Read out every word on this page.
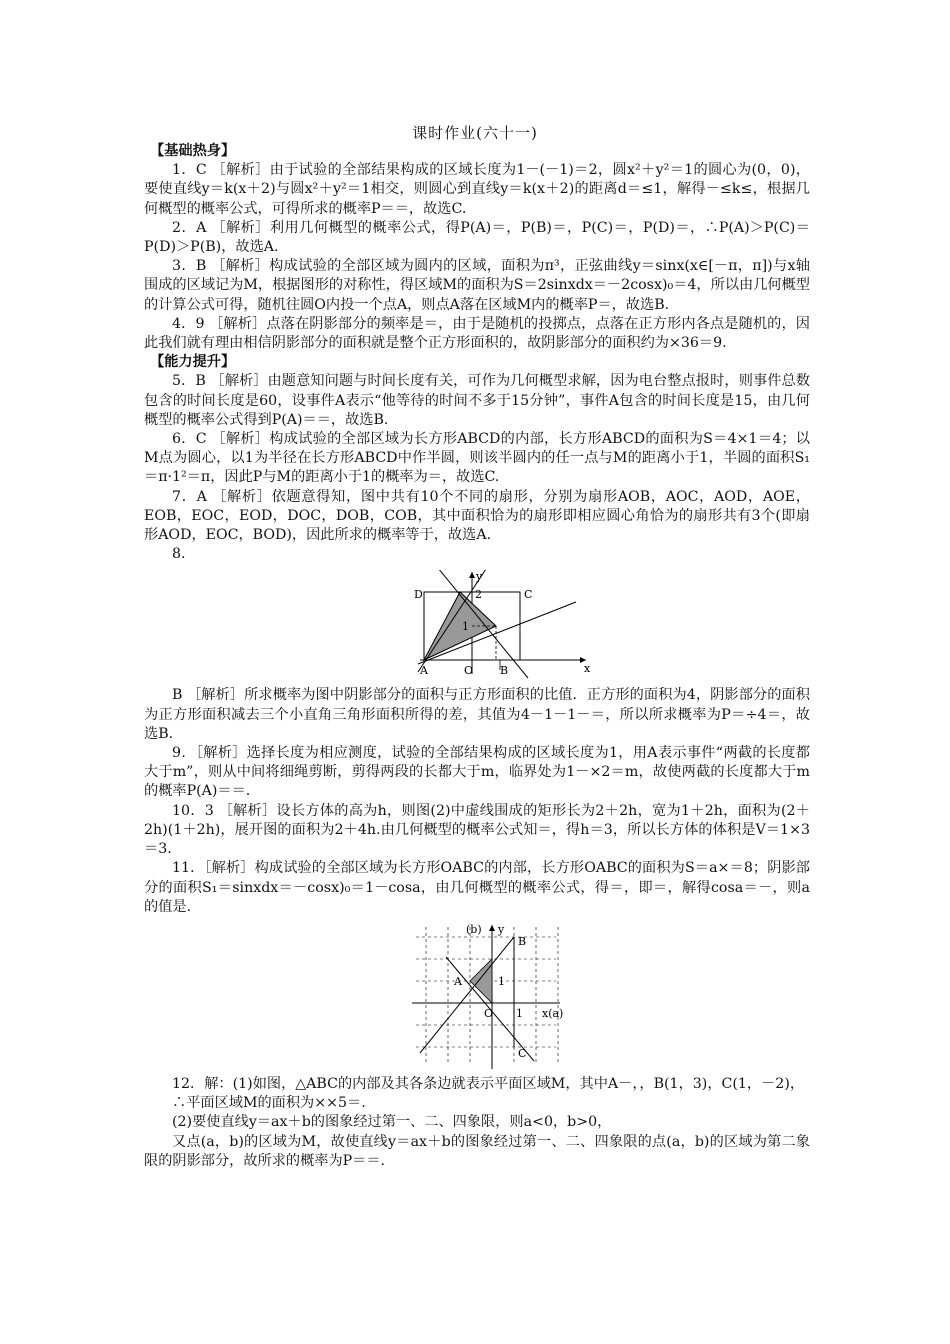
课时作业(六十一)
【基础热身】

1．C ［解析］由于试验的全部结果构成的区域长度为1－(－1)＝2，圆x²＋y²＝1的圆心为(0，0)，要使直线y＝k(x＋2)与圆x²＋y²＝1相交，则圆心到直线y＝k(x＋2)的距离d＝≤1，解得－≤k≤，根据几何概型的概率公式，可得所求的概率P＝＝，故选C.

2．A ［解析］利用几何概型的概率公式，得P(A)＝，P(B)＝，P(C)＝，P(D)＝，∴P(A)＞P(C)＝P(D)＞P(B)，故选A.

3．B ［解析］构成试验的全部区域为圆内的区域，面积为π³，正弦曲线y＝sinx(x∈[－π，π])与x轴围成的区域记为M，根据图形的对称性，得区域M的面积为S＝2sinxdx＝－2cosx)₀＝4，所以由几何概型的计算公式可得，随机往圆O内投一个点A，则点A落在区域M内的概率P＝，故选B.

4．9 ［解析］点落在阴影部分的频率是＝，由于是随机的投掷点，点落在正方形内各点是随机的，因此我们就有理由相信阴影部分的面积就是整个正方形面积的，故阴影部分的面积约为×36＝9.

【能力提升】

5．B ［解析］由题意知问题与时间长度有关，可作为几何概型求解，因为电台整点报时，则事件总数包含的时间长度是60，设事件A表示“他等待的时间不多于15分钟”，事件A包含的时间长度是15，由几何概型的概率公式得到P(A)＝＝，故选B.

6．C ［解析］构成试验的全部区域为长方形ABCD的内部，长方形ABCD的面积为S＝4×1＝4；以M点为圆心，以1为半径在长方形ABCD中作半圆，则该半圆内的任一点与M的距离小于1，半圆的面积S₁＝π·1²＝π，因此P与M的距离小于1的概率为＝，故选C.

7．A ［解析］依题意得知，图中共有10个不同的扇形，分别为扇形AOB，AOC，AOD，AOE，EOB，EOC，EOD，DOC，DOB，COB，其中面积恰为的扇形即相应圆心角恰为的扇形共有3个(即扇形AOD，EOC，BOD)，因此所求的概率等于，故选A.

8.

D	C
A	O B
y
x
2
1

B ［解析］所求概率为图中阴影部分的面积与正方形面积的比值．正方形的面积为4，阴影部分的面积为正方形面积减去三个小直角三角形面积所得的差，其值为4－1－1－＝，所以所求概率为P＝÷4＝，故选B.

9．［解析］选择长度为相应测度，试验的全部结果构成的区域长度为1，用A表示事件“两截的长度都大于m”，则从中间将细绳剪断，剪得两段的长都大于m，临界处为1－×2＝m，故使两截的长度都大于m的概率P(A)＝＝.

10．3 ［解析］设长方体的高为h，则图(2)中虚线围成的矩形长为2＋2h，宽为1＋2h，面积为(2＋2h)(1＋2h)，展开图的面积为2＋4h.由几何概型的概率公式知＝，得h＝3，所以长方体的体积是V＝1×3＝3.

11．［解析］构成试验的全部区域为长方形OABC的内部，长方形OABC的面积为S＝a×＝8；阴影部分的面积S₁＝sinxdx＝－cosx)₀＝1－cosa，由几何概型的概率公式，得＝，即＝，解得cosa＝－，则a的值是.

(b) y
B
A
O
C
x(a)
1
1

12．解：(1)如图，△ABC的内部及其各条边就表示平面区域M，其中A－，，B(1，3)，C(1，－2)，

∴平面区域M的面积为××5＝.

(2)要使直线y＝ax＋b的图象经过第一、二、四象限，则a<0，b>0，

又点(a，b)的区域为M，故使直线y＝ax＋b的图象经过第一、二、四象限的点(a，b)的区域为第二象限的阴影部分，故所求的概率为P＝＝.
